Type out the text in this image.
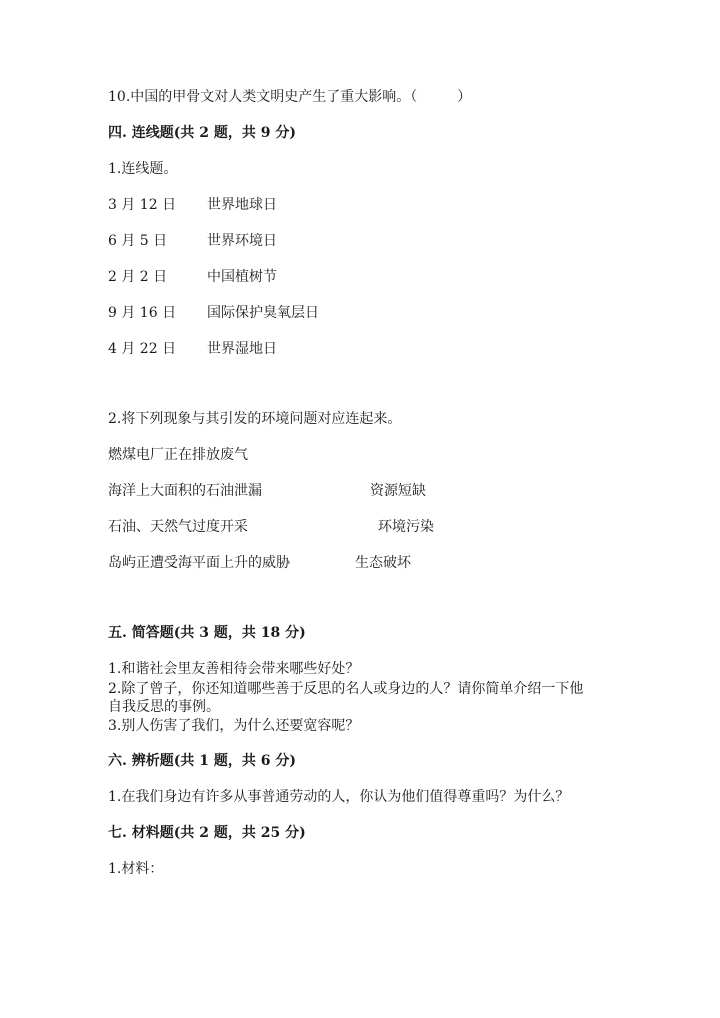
10.中国的甲骨文对人类文明史产生了重大影响。（	）
四. 连线题(共 2 题，共 9 分)
1.连线题。
3 月 12 日 世界地球日
6 月 5 日	世界环境日
2 月 2 日	中国植树节
9 月 16 日 国际保护臭氧层日
4 月 22 日 世界湿地日
2.将下列现象与其引发的环境问题对应连起来。
燃煤电厂正在排放废气
海洋上大面积的石油泄漏	资源短缺
石油、天然气过度开采	环境污染
岛屿正遭受海平面上升的威胁	生态破坏
五. 简答题(共 3 题，共 18 分)
1.和谐社会里友善相待会带来哪些好处？
2.除了曾子，你还知道哪些善于反思的名人或身边的人？请你简单介绍一下他
自我反思的事例。
3.别人伤害了我们，为什么还要宽容呢？
六. 辨析题(共 1 题，共 6 分)
1.在我们身边有许多从事普通劳动的人，你认为他们值得尊重吗？为什么？
七. 材料题(共 2 题，共 25 分)
1.材料：
